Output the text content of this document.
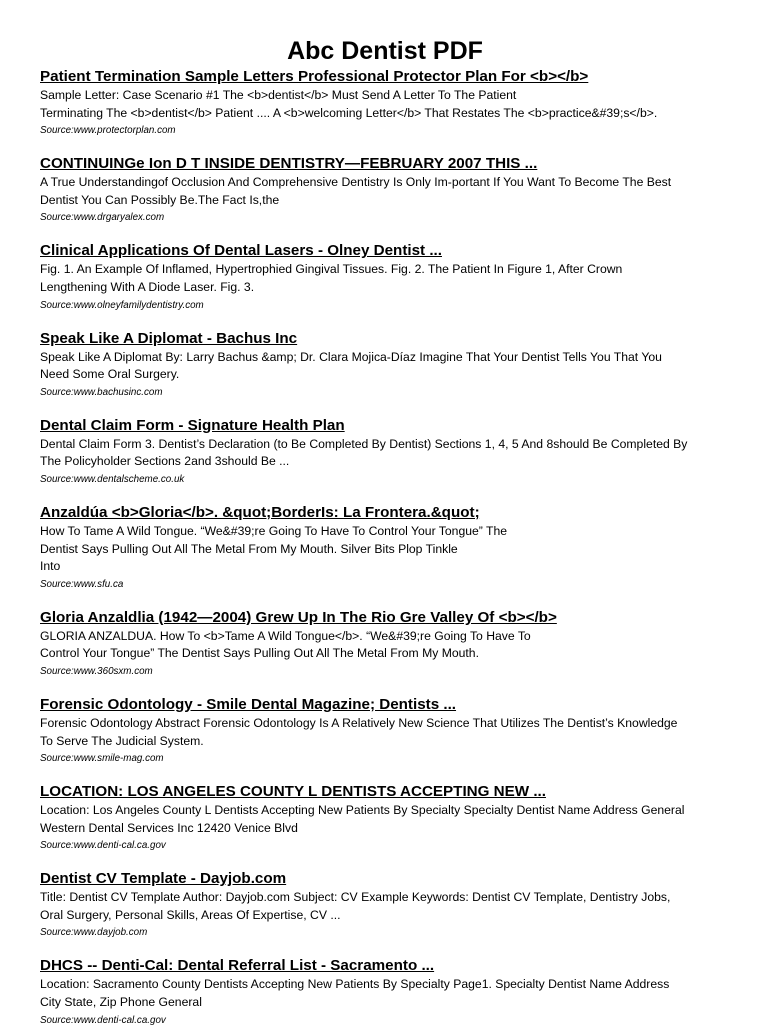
Abc Dentist PDF
Patient Termination Sample Letters Professional Protector Plan For <b></b>
Sample Letter: Case Scenario #1 The <b>dentist</b> Must Send A Letter To The Patient
Terminating The <b>dentist</b> Patient .... A <b>welcoming Letter</b> That Restates The <b>practice&#39;s</b>.
Source:www.protectorplan.com
CONTINUINGe Ion D T INSIDE DENTISTRY—FEBRUARY 2007 THIS ...
A True Understandingof Occlusion And Comprehensive Dentistry Is Only Im-portant If You Want To Become The Best
Dentist You Can Possibly Be.The Fact Is,the
Source:www.drgaryalex.com
Clinical Applications Of Dental Lasers - Olney Dentist ...
Fig. 1. An Example Of Inflamed, Hypertrophied Gingival Tissues. Fig. 2. The Patient In Figure 1, After Crown
Lengthening With A Diode Laser. Fig. 3.
Source:www.olneyfamilydentistry.com
Speak Like A Diplomat - Bachus Inc
Speak Like A Diplomat By: Larry Bachus &amp; Dr. Clara Mojica-Díaz Imagine That Your Dentist Tells You That You
Need Some Oral Surgery.
Source:www.bachusinc.com
Dental Claim Form - Signature Health Plan
Dental Claim Form 3. Dentist’s Declaration (to Be Completed By Dentist) Sections 1, 4, 5 And 8should Be Completed By
The Policyholder Sections 2and 3should Be ...
Source:www.dentalscheme.co.uk
Anzaldúa <b>Gloria</b>. &quot;BorderIs: La Frontera.&quot;
How To Tame A Wild Tongue. “We&#39;re Going To Have To Control Your Tongue” The
Dentist Says Pulling Out All The Metal From My Mouth. Silver Bits Plop Tinkle
Into
Source:www.sfu.ca
Gloria Anzaldlia (1942—2004) Grew Up In The Rio Gre Valley Of <b></b>
GLORIA ANZALDUA. How To <b>Tame A Wild Tongue</b>. “We&#39;re Going To Have To
Control Your Tongue” The Dentist Says Pulling Out All The Metal From My Mouth.
Source:www.360sxm.com
Forensic Odontology - Smile Dental Magazine; Dentists ...
Forensic Odontology Abstract Forensic Odontology Is A Relatively New Science That Utilizes The Dentist’s Knowledge
To Serve The Judicial System.
Source:www.smile-mag.com
LOCATION: LOS ANGELES COUNTY L DENTISTS ACCEPTING NEW ...
Location: Los Angeles County L Dentists Accepting New Patients By Specialty Specialty Dentist Name Address General
Western Dental Services Inc 12420 Venice Blvd
Source:www.denti-cal.ca.gov
Dentist CV Template - Dayjob.com
Title: Dentist CV Template Author: Dayjob.com Subject: CV Example Keywords: Dentist CV Template, Dentistry Jobs,
Oral Surgery, Personal Skills, Areas Of Expertise, CV ...
Source:www.dayjob.com
DHCS -- Denti-Cal: Dental Referral List - Sacramento ...
Location: Sacramento County Dentists Accepting New Patients By Specialty Page1. Specialty Dentist Name Address
City State, Zip Phone General
Source:www.denti-cal.ca.gov
